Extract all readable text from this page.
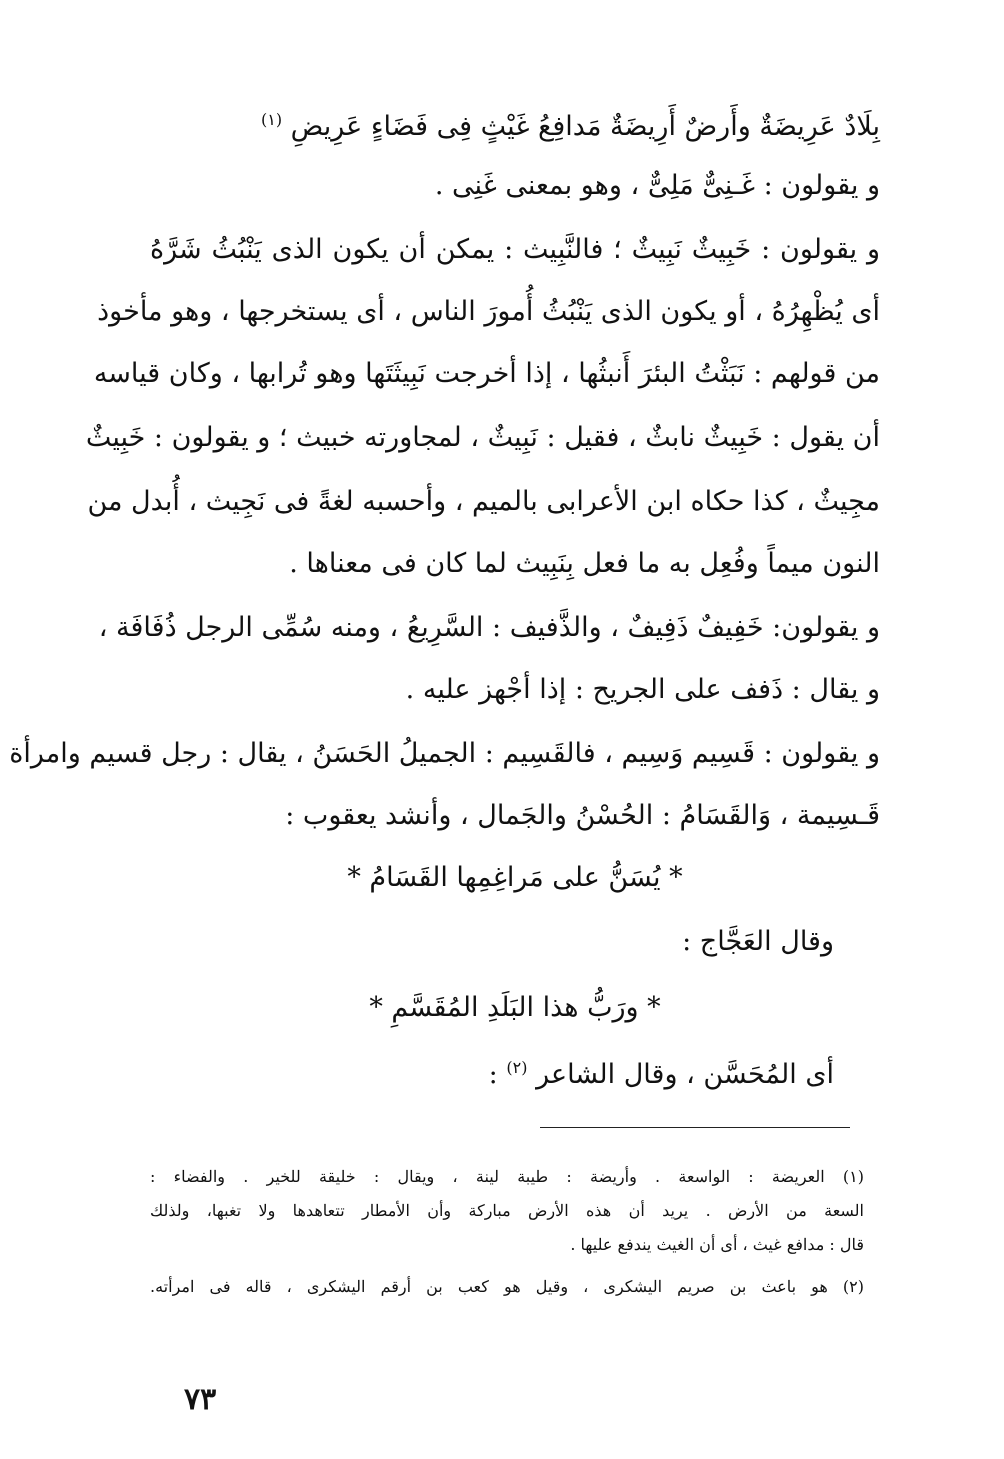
بِلَادٌ عَرِيضَةٌ وأَرضٌ أَرِيضَةٌ مَدافِعُ غَيْثٍ فِى فَضَاءٍ عَرِيضِ $^{(١)}$
و يقولون : غَـنِىٌّ مَلِىٌّ ، وهو بمعنى غَنِى .
و يقولون : خَبِيثٌ نَبِيثٌ ؛ فالنَّبِيث : يمكن أن يكون الذى يَنْبُثُ شَرَّهُ
أى يُظْهِرُهُ ، أو يكون الذى يَنْبُثُ أُمورَ الناس ، أى يستخرجها ، وهو مأخوذ
من قولهم : نَبَثْتُ البئرَ أَنبثُها ، إذا أخرجت نَبِيثَتَها وهو تُرابها ، وكان قياسه
أن يقول : خَبِيثٌ نابثٌ ، فقيل : نَبِيثٌ ، لمجاورته خبيث ؛ و يقولون : خَبِيثٌ
مجِيثٌ ، كذا حكاه ابن الأعرابى بالميم ، وأحسبه لغةً فى نَجِيث ، أُبدل من
النون ميماً وفُعِل به ما فعل بِنَبِيث لما كان فى معناها .
و يقولون: خَفِيفٌ ذَفِيفٌ ، والذَّفيف : السَّرِيعُ ، ومنه سُمِّى الرجل ذُفَافَة ،
و يقال : ذَفف على الجريح : إذا أجْهز عليه .
و يقولون : قَسِيم وَسِيم ، فالقَسِيم : الجميلُ الحَسَنُ ، يقال : رجل قسيم وامرأة
قَـسِيمة ، وَالقَسَامُ : الحُسْنُ والجَمال ، وأنشد يعقوب :
* يُسَنُّ على مَراغِمِها القَسَامُ *
وقال العَجَّاج :
* ورَبُّ هذا البَلَدِ المُقَسَّمِ *
أى المُحَسَّن ، وقال الشاعر $^{(٢)}$ :
(١) العريضة : الواسعة . وأريضة : طيبة لينة ، ويقال : خليقة للخير . والفضاء :
السعة من الأرض . يريد أن هذه الأرض مباركة وأن الأمطار تتعاهدها ولا تغبها، ولذلك
قال : مدافع غيث ، أى أن الغيث يندفع عليها .
(٢) هو باعث بن صريم اليشكرى ، وقيل هو كعب بن أرقم اليشكرى ، قاله فى امرأته.
٧٣
